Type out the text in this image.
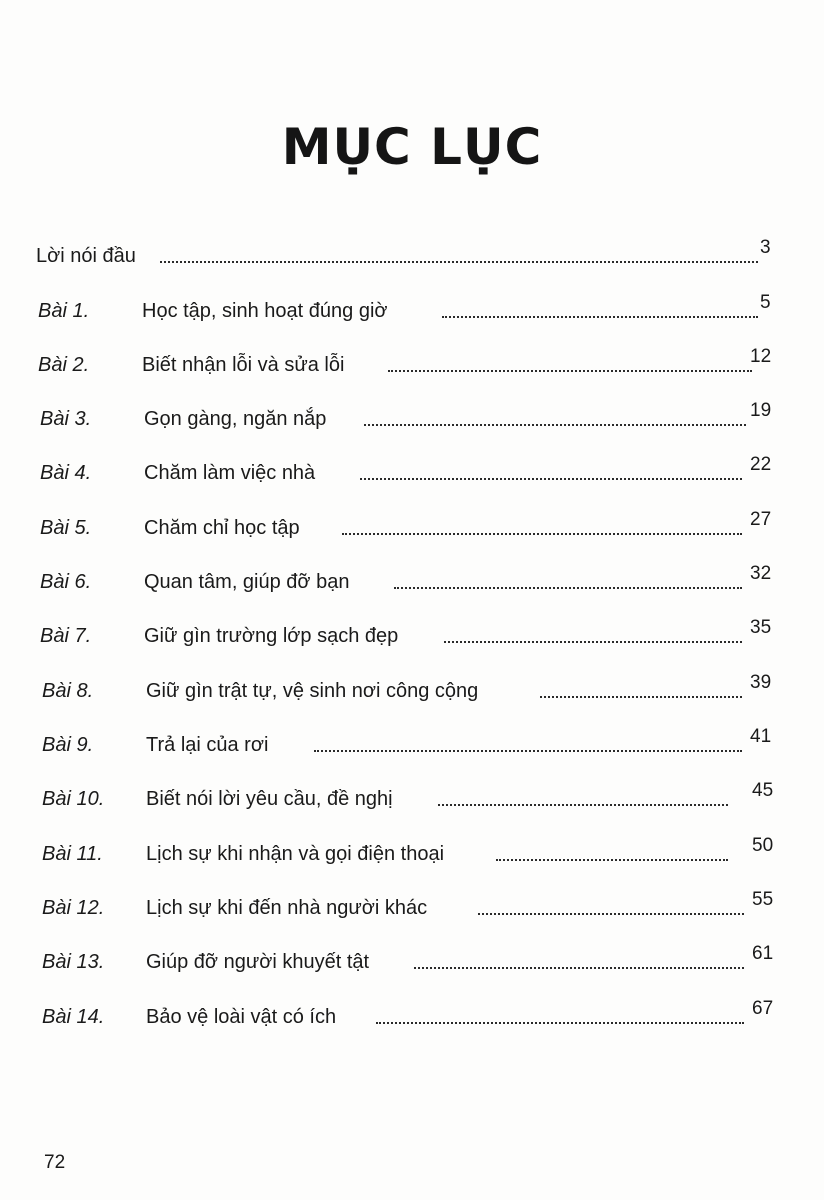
MỤC LỤC
Lời nói đầu	3
Bài 1.	Học tập, sinh hoạt đúng giờ	5
Bài 2.	Biết nhận lỗi và sửa lỗi	12
Bài 3.	Gọn gàng, ngăn nắp	19
Bài 4.	Chăm làm việc nhà	22
Bài 5.	Chăm chỉ học tập	27
Bài 6.	Quan tâm, giúp đỡ bạn	32
Bài 7.	Giữ gìn trường lớp sạch đẹp	35
Bài 8.	Giữ gìn trật tự, vệ sinh nơi công cộng	39
Bài 9.	Trả lại của rơi	41
Bài 10. Biết nói lời yêu cầu, đề nghị	45
Bài 11. Lịch sự khi nhận và gọi điện thoại	50
Bài 12. Lịch sự khi đến nhà người khác	55
Bài 13. Giúp đỡ người khuyết tật	61
Bài 14. Bảo vệ loài vật có ích	67
72
